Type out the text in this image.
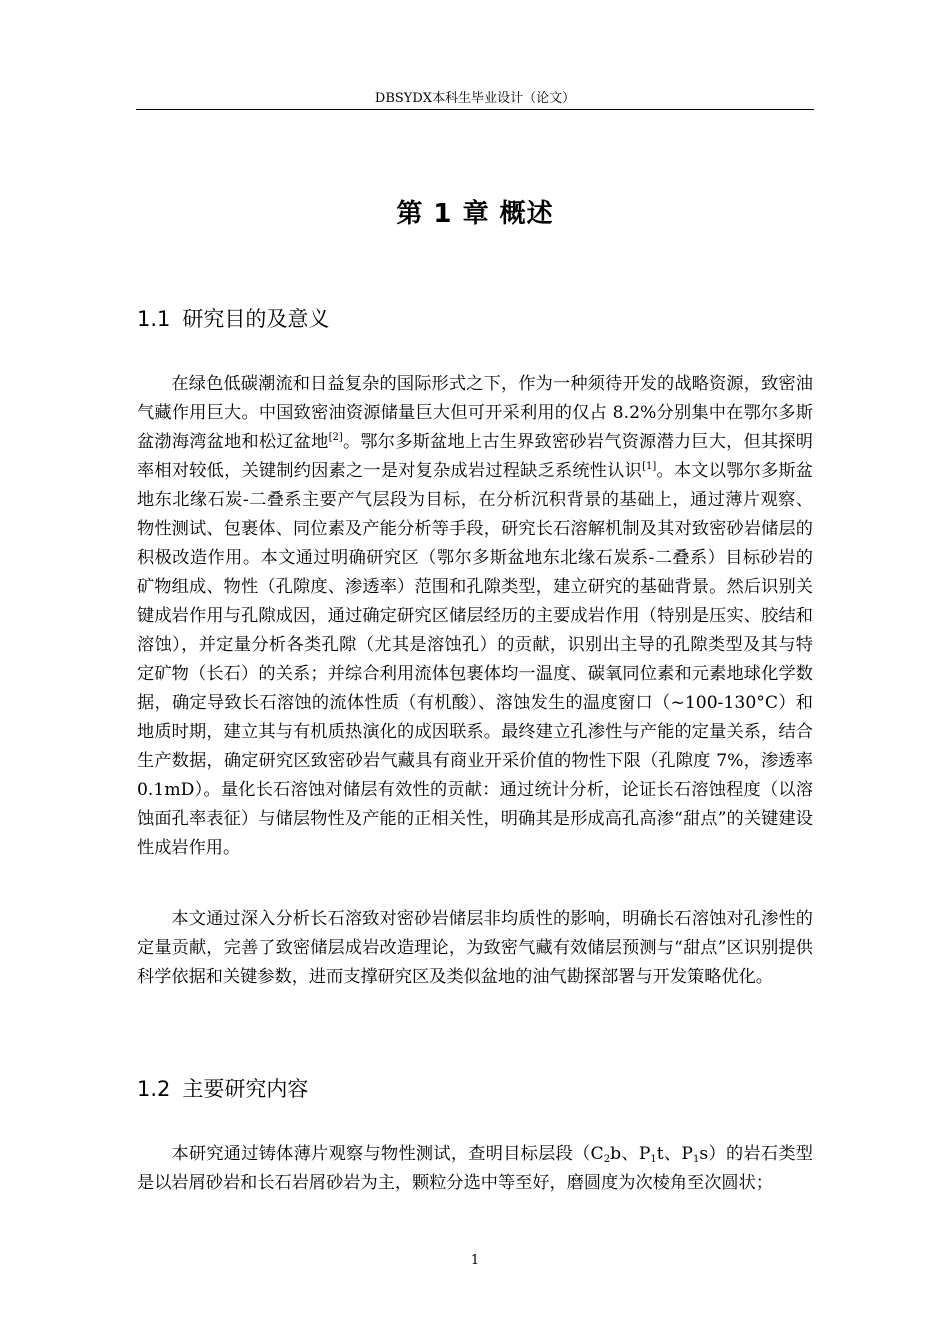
DBSYDX本科生毕业设计（论文）
第 1 章 概述
1.1 研究目的及意义

在绿色低碳潮流和日益复杂的国际形式之下，作为一种须待开发的战略资源，致密油气藏作用巨大。中国致密油资源储量巨大但可开采利用的仅占 8.2%分别集中在鄂尔多斯盆渤海湾盆地和松辽盆地[2]。鄂尔多斯盆地上古生界致密砂岩气资源潜力巨大，但其探明率相对较低，关键制约因素之一是对复杂成岩过程缺乏系统性认识[1]。本文以鄂尔多斯盆地东北缘石炭-二叠系主要产气层段为目标，在分析沉积背景的基础上，通过薄片观察、物性测试、包裹体、同位素及产能分析等手段，研究长石溶解机制及其对致密砂岩储层的积极改造作用。本文通过明确研究区（鄂尔多斯盆地东北缘石炭系-二叠系）目标砂岩的矿物组成、物性（孔隙度、渗透率）范围和孔隙类型，建立研究的基础背景。然后识别关键成岩作用与孔隙成因，通过确定研究区储层经历的主要成岩作用（特别是压实、胶结和溶蚀），并定量分析各类孔隙（尤其是溶蚀孔）的贡献，识别出主导的孔隙类型及其与特定矿物（长石）的关系；并综合利用流体包裹体均一温度、碳氧同位素和元素地球化学数据，确定导致长石溶蚀的流体性质（有机酸）、溶蚀发生的温度窗口（~100-130°C）和地质时期，建立其与有机质热演化的成因联系。最终建立孔渗性与产能的定量关系，结合生产数据，确定研究区致密砂岩气藏具有商业开采价值的物性下限（孔隙度 7%，渗透率 0.1mD）。量化长石溶蚀对储层有效性的贡献：通过统计分析，论证长石溶蚀程度（以溶蚀面孔率表征）与储层物性及产能的正相关性，明确其是形成高孔高渗“甜点”的关键建设性成岩作用。

本文通过深入分析长石溶致对密砂岩储层非均质性的影响，明确长石溶蚀对孔渗性的定量贡献，完善了致密储层成岩改造理论，为致密气藏有效储层预测与“甜点”区识别提供科学依据和关键参数，进而支撑研究区及类似盆地的油气勘探部署与开发策略优化。

1.2 主要研究内容

本研究通过铸体薄片观察与物性测试，查明目标层段（$C_2b$、$P_1t$、$P_1s$）的岩石类型是以岩屑砂岩和长石岩屑砂岩为主，颗粒分选中等至好，磨圆度为次棱角至次圆状；

1
